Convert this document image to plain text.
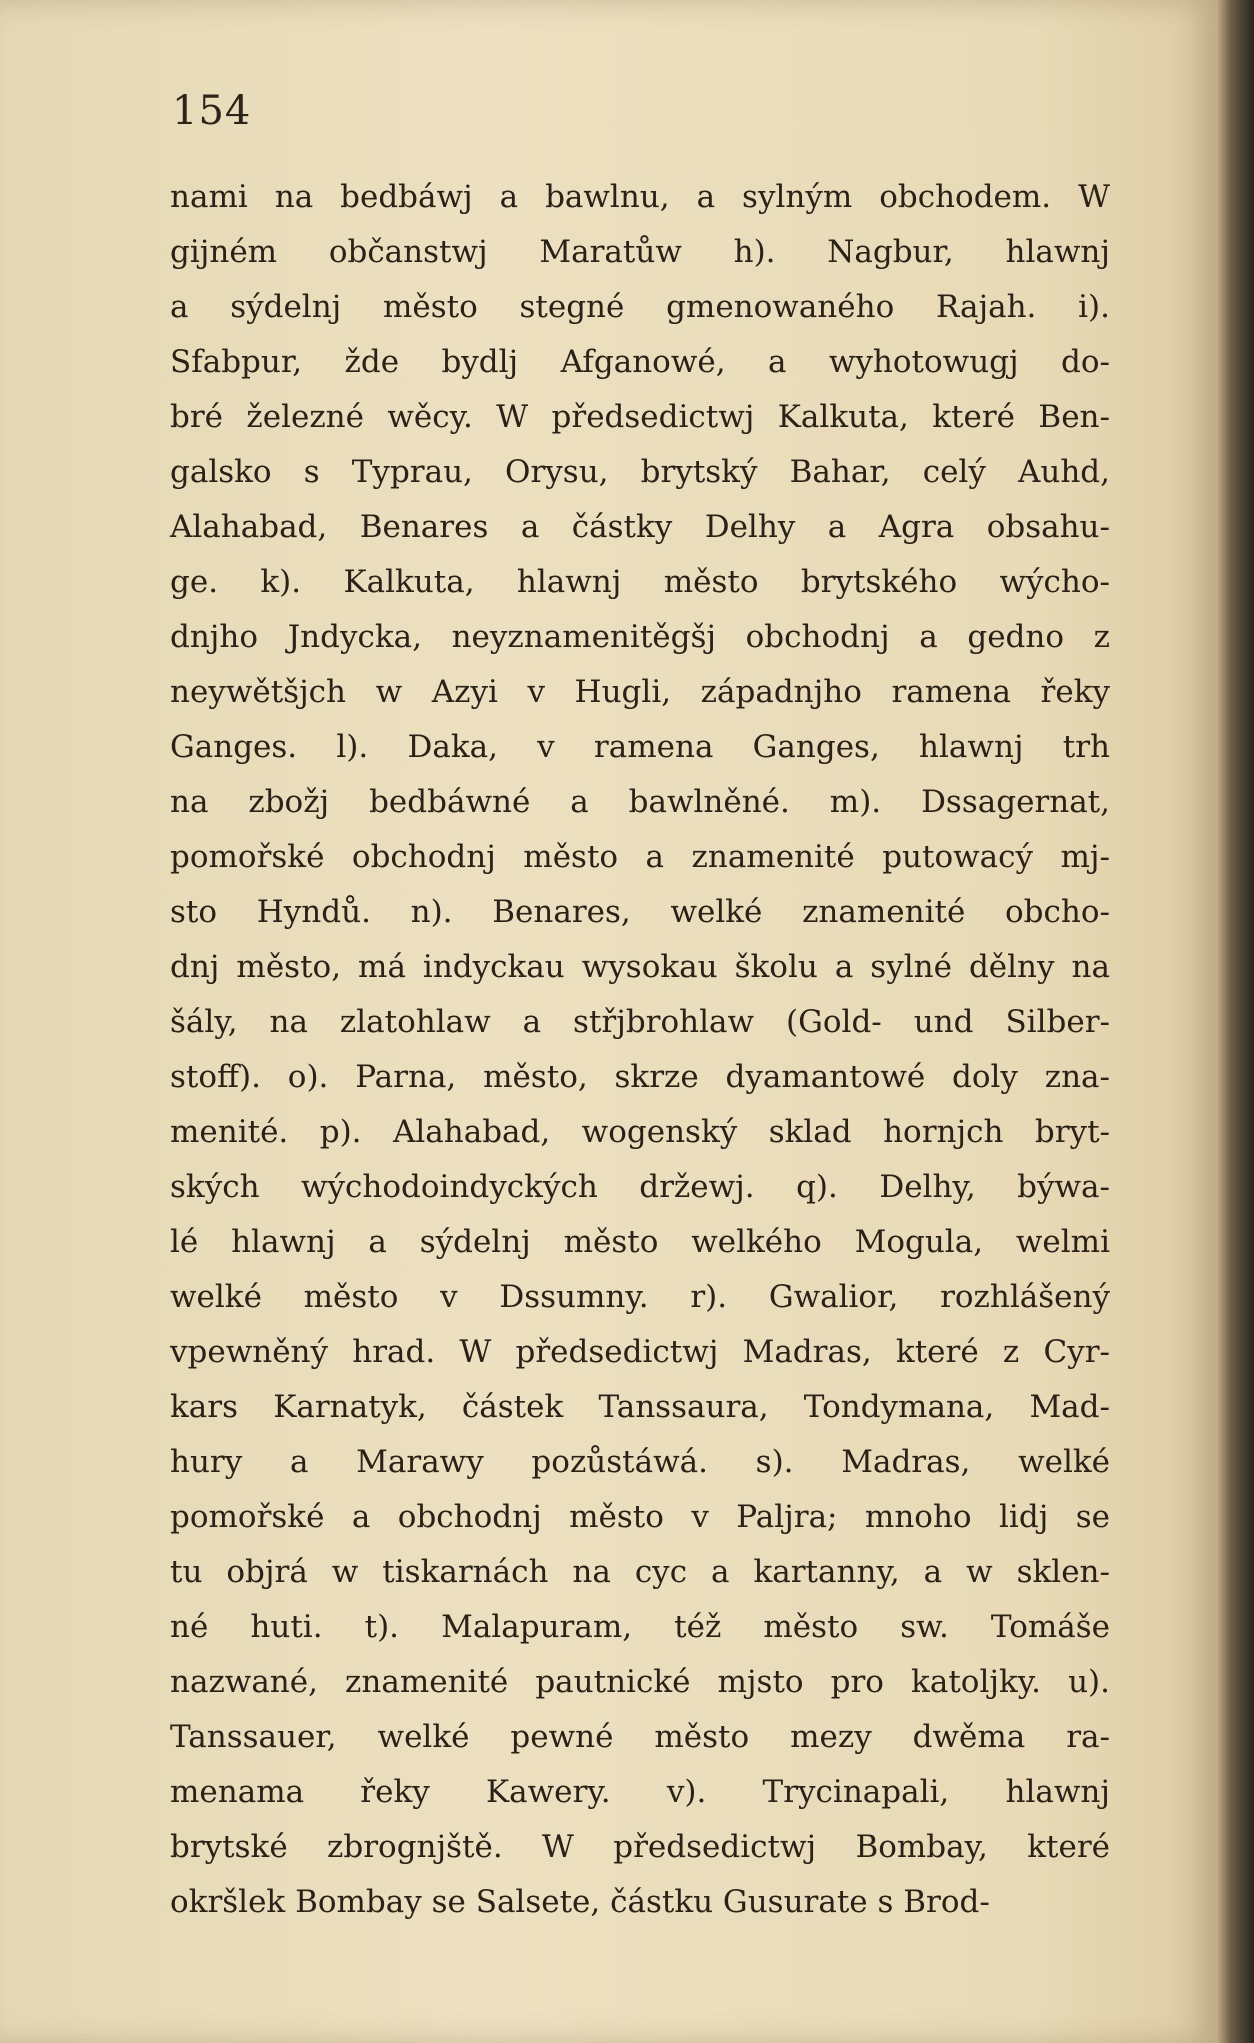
154
nami na bedbáwj a bawlnu, a sylným obchodem. W
gijném občanstwj Maratůw h). Nagbur, hlawnj
a sýdelnj město stegné gmenowaného Rajah. i).
Sfabpur, žde bydlj Afganowé, a wyhotowugj do-
bré železné wěcy. W předsedictwj Kalkuta, které Ben-
galsko s Typrau, Orysu, brytský Bahar, celý Auhd,
Alahabad, Benares a částky Delhy a Agra obsahu-
ge. k). Kalkuta, hlawnj město brytského wýcho-
dnjho Jndycka, neyznamenitěgšj obchodnj a gedno z
neywětšjch w Azyi v Hugli, západnjho ramena řeky
Ganges. l). Daka, v ramena Ganges, hlawnj trh
na zbožj bedbáwné a bawlněné. m). Dssagernat,
pomořské obchodnj město a znamenité putowacý mj-
sto Hyndů. n). Benares, welké znamenité obcho-
dnj město, má indyckau wysokau školu a sylné dělny na
šály, na zlatohlaw a střjbrohlaw (Gold- und Silber-
stoff). o). Parna, město, skrze dyamantowé doly zna-
menité. p). Alahabad, wogenský sklad hornjch bryt-
ských wýchodoindyckých držewj. q). Delhy, býwa-
lé hlawnj a sýdelnj město welkého Mogula, welmi
welké město v Dssumny. r). Gwalior, rozhlášený
vpewněný hrad. W předsedictwj Madras, které z Cyr-
kars Karnatyk, částek Tanssaura, Tondymana, Mad-
hury a Marawy pozůstáwá. s). Madras, welké
pomořské a obchodnj město v Paljra; mnoho lidj se
tu objrá w tiskarnách na cyc a kartanny, a w sklen-
né huti. t). Malapuram, též město sw. Tomáše
nazwané, znamenité pautnické mjsto pro katoljky. u).
Tanssauer, welké pewné město mezy dwěma ra-
menama řeky Kawery. v). Trycinapali, hlawnj
brytské zbrognjště. W předsedictwj Bombay, které
okršlek Bombay se Salsete, částku Gusurate s Brod-
